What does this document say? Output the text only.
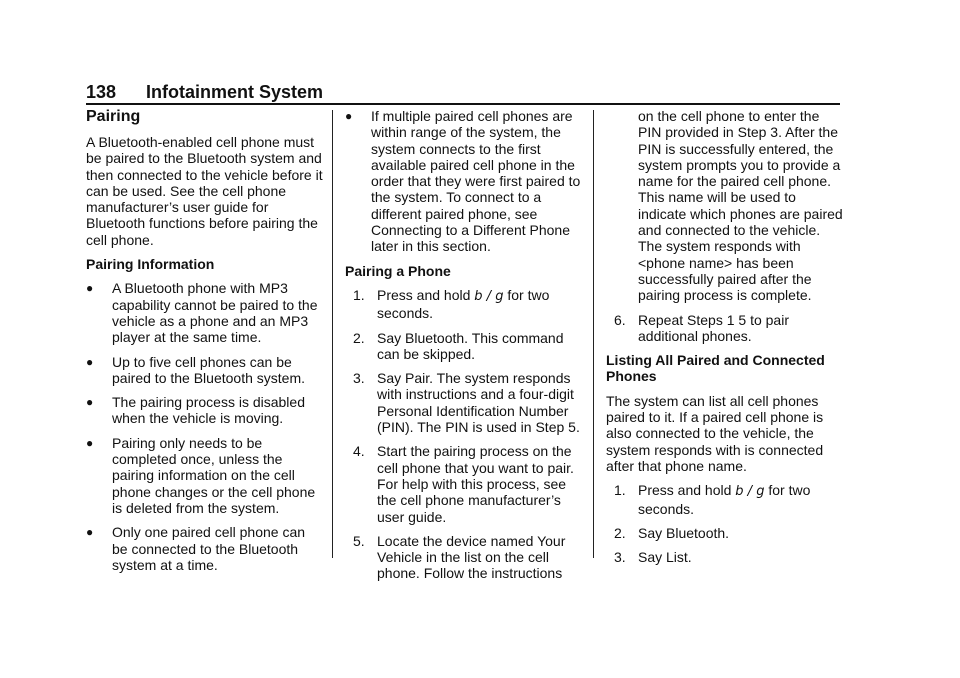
138 Infotainment System
Pairing

A Bluetooth-enabled cell phone must be paired to the Bluetooth system and then connected to the vehicle before it can be used. See the cell phone manufacturer’s user guide for Bluetooth functions before pairing the cell phone.

Pairing Information
● A Bluetooth phone with MP3 capability cannot be paired to the vehicle as a phone and an MP3 player at the same time.
● Up to five cell phones can be paired to the Bluetooth system.
● The pairing process is disabled when the vehicle is moving.
● Pairing only needs to be completed once, unless the pairing information on the cell phone changes or the cell phone is deleted from the system.
● Only one paired cell phone can be connected to the Bluetooth system at a time.
● If multiple paired cell phones are within range of the system, the system connects to the first available paired cell phone in the order that they were first paired to the system. To connect to a different paired phone, see Connecting to a Different Phone later in this section.
Pairing a Phone
1. Press and hold b / g for two seconds.
2. Say Bluetooth. This command can be skipped.
3. Say Pair. The system responds with instructions and a four-digit Personal Identification Number (PIN). The PIN is used in Step 5.
4. Start the pairing process on the cell phone that you want to pair. For help with this process, see the cell phone manufacturer’s user guide.
5. Locate the device named Your Vehicle in the list on the cell phone. Follow the instructions
on the cell phone to enter the PIN provided in Step 3. After the PIN is successfully entered, the system prompts you to provide a name for the paired cell phone. This name will be used to indicate which phones are paired and connected to the vehicle. The system responds with <phone name> has been successfully paired after the pairing process is complete.
6. Repeat Steps 1 5 to pair additional phones.
Listing All Paired and Connected Phones

The system can list all cell phones paired to it. If a paired cell phone is also connected to the vehicle, the system responds with is connected after that phone name.

1. Press and hold b / g for two seconds.
2. Say Bluetooth.
3. Say List.
